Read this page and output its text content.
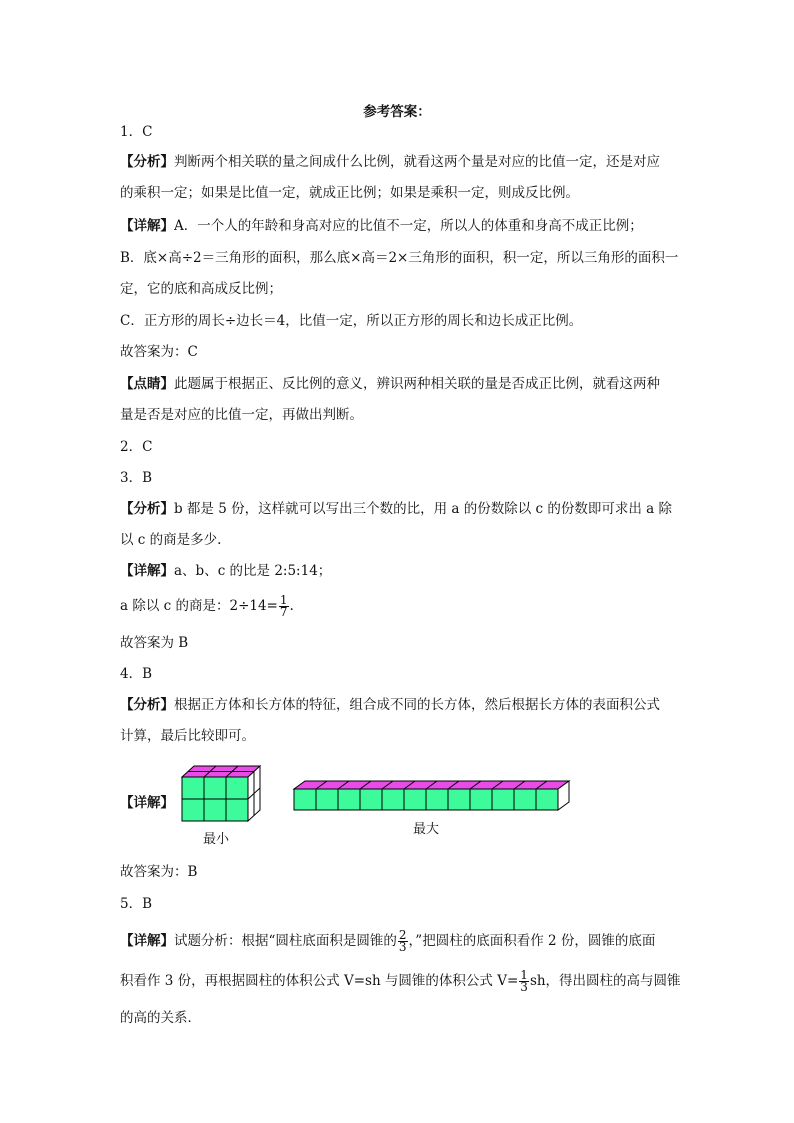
参考答案：
1．C
【分析】判断两个相关联的量之间成什么比例，就看这两个量是对应的比值一定，还是对应
的乘积一定；如果是比值一定，就成正比例；如果是乘积一定，则成反比例。
【详解】A．一个人的年龄和身高对应的比值不一定，所以人的体重和身高不成正比例；
B．底×高÷2＝三角形的面积，那么底×高＝2×三角形的面积，积一定，所以三角形的面积一
定，它的底和高成反比例；
C．正方形的周长÷边长＝4，比值一定，所以正方形的周长和边长成正比例。
故答案为：C
【点睛】此题属于根据正、反比例的意义，辨识两种相关联的量是否成正比例，就看这两种
量是否是对应的比值一定，再做出判断。
2．C
3．B
【分析】b 都是 5 份，这样就可以写出三个数的比，用 a 的份数除以 c 的份数即可求出 a 除
以 c 的商是多少.
【详解】a、b、c 的比是 2:5:14；
a 除以 c 的商是：$2\div 14= \frac{1}{7}$ .
故答案为 B
4．B
【分析】根据正方体和长方体的特征，组合成不同的长方体，然后根据长方体的表面积公式
计算，最后比较即可。
【详解】
最小
最大
故答案为：B
5．B
【详解】试题分析：根据“圆柱底面积是圆锥的 $\frac{2}{3}$ ，”把圆柱的底面积看作 2 份，圆锥的底面
积看作 3 份，再根据圆柱的体积公式 V=sh 与圆锥的体积公式 $V= \frac{1}{3}$ sh，得出圆柱的高与圆锥
的高的关系．
